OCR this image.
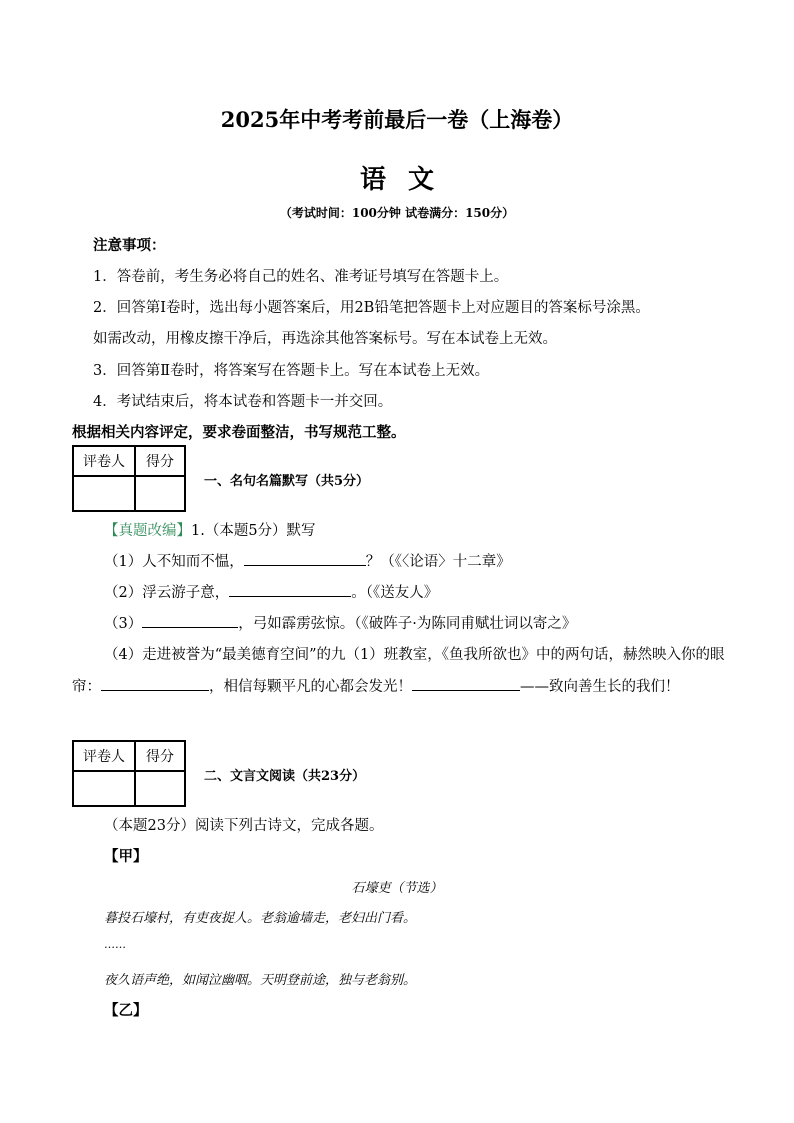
2025年中考考前最后一卷（上海卷）
语文
（考试时间：100分钟 试卷满分：150分）
注意事项：
1．答卷前，考生务必将自己的姓名、准考证号填写在答题卡上。
2．回答第Ⅰ卷时，选出每小题答案后，用2B铅笔把答题卡上对应题目的答案标号涂黑。
如需改动，用橡皮擦干净后，再选涂其他答案标号。写在本试卷上无效。
3．回答第Ⅱ卷时，将答案写在答题卡上。写在本试卷上无效。
4．考试结束后，将本试卷和答题卡一并交回。
根据相关内容评定，要求卷面整洁，书写规范工整。
评卷人	得分

一、名句名篇默写（共5分）
【真题改编】1.（本题5分）默写
（1）人不知而不愠，	？（《〈论语〉十二章》
（2）浮云游子意，	。（《送友人》
（3）	，弓如霹雳弦惊。（《破阵子·为陈同甫赋壮词以寄之》
（4）走进被誉为“最美德育空间”的九（1）班教室，《鱼我所欲也》中的两句话，赫然映入你的眼
帘：	，相信每颗平凡的心都会发光！	——致向善生长的我们！
评卷人	得分

二、文言文阅读（共23分）
（本题23分）阅读下列古诗文，完成各题。
【甲】
石壕吏（节选）
暮投石壕村，有吏夜捉人。老翁逾墙走，老妇出门看。
……
夜久语声绝，如闻泣幽咽。天明登前途，独与老翁别。
【乙】
